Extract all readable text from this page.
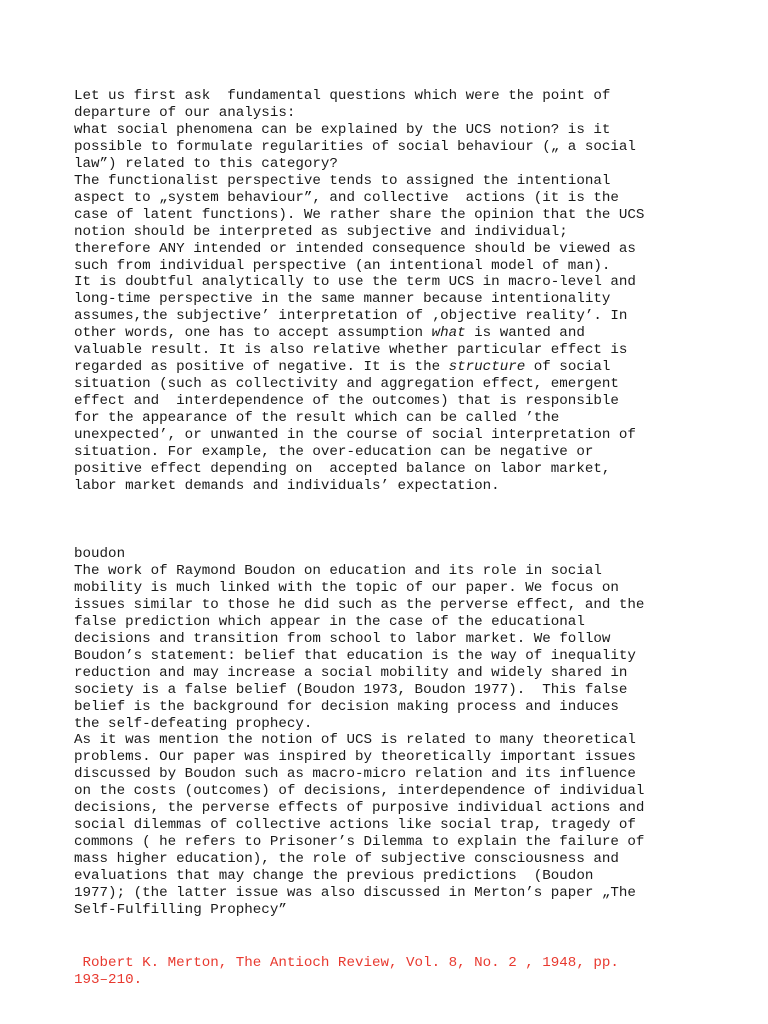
Let us first ask  fundamental questions which were the point of
departure of our analysis:
what social phenomena can be explained by the UCS notion? is it
possible to formulate regularities of social behaviour („ a social
law”) related to this category?
The functionalist perspective tends to assigned the intentional
aspect to „system behaviour”, and collective  actions (it is the
case of latent functions). We rather share the opinion that the UCS
notion should be interpreted as subjective and individual;
therefore ANY intended or intended consequence should be viewed as
such from individual perspective (an intentional model of man).
It is doubtful analytically to use the term UCS in macro-level and
long-time perspective in the same manner because intentionality
assumes,the subjective’ interpretation of ‚objective reality’. In
other words, one has to accept assumption what is wanted and
valuable result. It is also relative whether particular effect is
regarded as positive of negative. It is the structure of social
situation (such as collectivity and aggregation effect, emergent
effect and  interdependence of the outcomes) that is responsible
for the appearance of the result which can be called ’the
unexpected’, or unwanted in the course of social interpretation of
situation. For example, the over-education can be negative or
positive effect depending on  accepted balance on labor market,
labor market demands and individuals’ expectation.
boudon
The work of Raymond Boudon on education and its role in social
mobility is much linked with the topic of our paper. We focus on
issues similar to those he did such as the perverse effect, and the
false prediction which appear in the case of the educational
decisions and transition from school to labor market. We follow
Boudon’s statement: belief that education is the way of inequality
reduction and may increase a social mobility and widely shared in
society is a false belief (Boudon 1973, Boudon 1977).  This false
belief is the background for decision making process and induces
the self-defeating prophecy.
As it was mention the notion of UCS is related to many theoretical
problems. Our paper was inspired by theoretically important issues
discussed by Boudon such as macro-micro relation and its influence
on the costs (outcomes) of decisions, interdependence of individual
decisions, the perverse effects of purposive individual actions and
social dilemmas of collective actions like social trap, tragedy of
commons ( he refers to Prisoner’s Dilemma to explain the failure of
mass higher education), the role of subjective consciousness and
evaluations that may change the previous predictions  (Boudon
1977); (the latter issue was also discussed in Merton’s paper „The
Self-Fulfilling Prophecy”
Robert K. Merton, The Antioch Review, Vol. 8, No. 2 , 1948, pp.
193–210.
